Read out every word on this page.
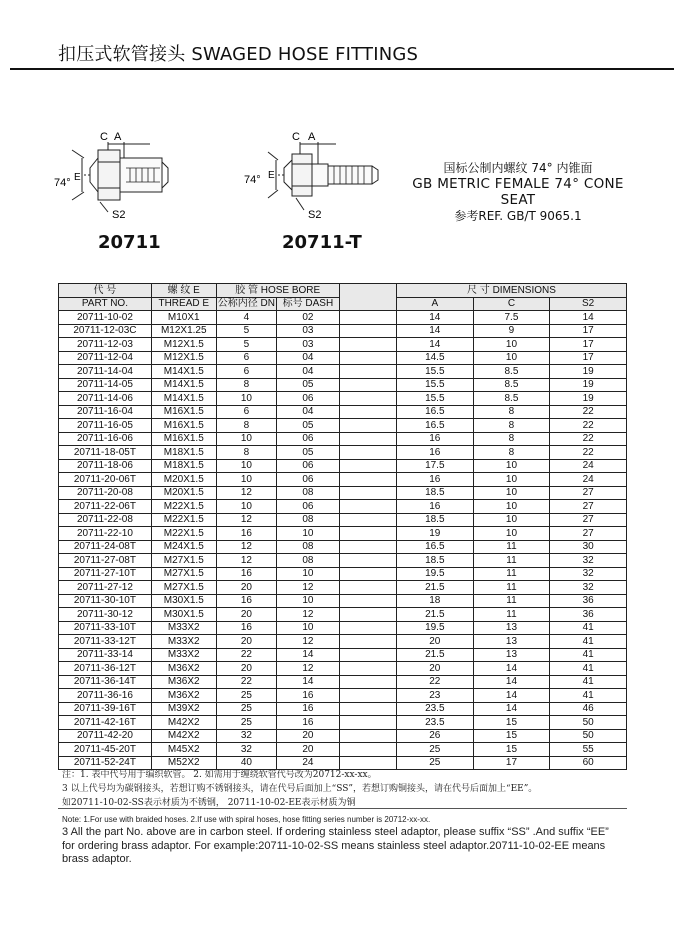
扣压式软管接头 SWAGED HOSE FITTINGS
C A
E
74°
S2
20711
C A
E
74°
S2
20711-T
国标公制内螺纹 74° 内锥面
GB METRIC FEMALE 74° CONE SEAT
参考REF. GB/T 9065.1
代 号	螺 纹 E	胶 管 HOSE BORE			尺 寸 DIMENSIONS		
PART NO.	THREAD E	公称内径 DN	标号 DASH		A	C	S2
20711-10-02	M10X1	4	02		14	7.5	14
20711-12-03C	M12X1.25	5	03		14	9	17
20711-12-03	M12X1.5	5	03		14	10	17
20711-12-04	M12X1.5	6	04		14.5	10	17
20711-14-04	M14X1.5	6	04		15.5	8.5	19
20711-14-05	M14X1.5	8	05		15.5	8.5	19
20711-14-06	M14X1.5	10	06		15.5	8.5	19
20711-16-04	M16X1.5	6	04		16.5	8	22
20711-16-05	M16X1.5	8	05		16.5	8	22
20711-16-06	M16X1.5	10	06		16	8	22
20711-18-05T	M18X1.5	8	05		16	8	22
20711-18-06	M18X1.5	10	06		17.5	10	24
20711-20-06T	M20X1.5	10	06		16	10	24
20711-20-08	M20X1.5	12	08		18.5	10	27
20711-22-06T	M22X1.5	10	06		16	10	27
20711-22-08	M22X1.5	12	08		18.5	10	27
20711-22-10	M22X1.5	16	10		19	10	27
20711-24-08T	M24X1.5	12	08		16.5	11	30
20711-27-08T	M27X1.5	12	08		18.5	11	32
20711-27-10T	M27X1.5	16	10		19.5	11	32
20711-27-12	M27X1.5	20	12		21.5	11	32
20711-30-10T	M30X1.5	16	10		18	11	36
20711-30-12	M30X1.5	20	12		21.5	11	36
20711-33-10T	M33X2	16	10		19.5	13	41
20711-33-12T	M33X2	20	12		20	13	41
20711-33-14	M33X2	22	14		21.5	13	41
20711-36-12T	M36X2	20	12		20	14	41
20711-36-14T	M36X2	22	14		22	14	41
20711-36-16	M36X2	25	16		23	14	41
20711-39-16T	M39X2	25	16		23.5	14	46
20711-42-16T	M42X2	25	16		23.5	15	50
20711-42-20	M42X2	32	20		26	15	50
20711-45-20T	M45X2	32	20		25	15	55
20711-52-24T	M52X2	40	24		25	17	60
注：1. 表中代号用于编织软管。 2. 如需用于缠绕软管代号改为20712-xx-xx。
3 以上代号均为碳钢接头，若想订购不锈钢接头，请在代号后面加上“SS”，若想订购铜接头，请在代号后面加上“EE”。
如20711-10-02-SS表示材质为不锈钢， 20711-10-02-EE表示材质为铜
Note: 1.For use with braided hoses. 2.If use with spiral hoses, hose fitting series number is 20712-xx-xx.
3 All the part No. above are in carbon steel. If ordering stainless steel adaptor, please suffix “SS” .And suffix “EE”
for ordering brass adaptor. For example:20711-10-02-SS means stainless steel adaptor.20711-10-02-EE means
brass adaptor.
